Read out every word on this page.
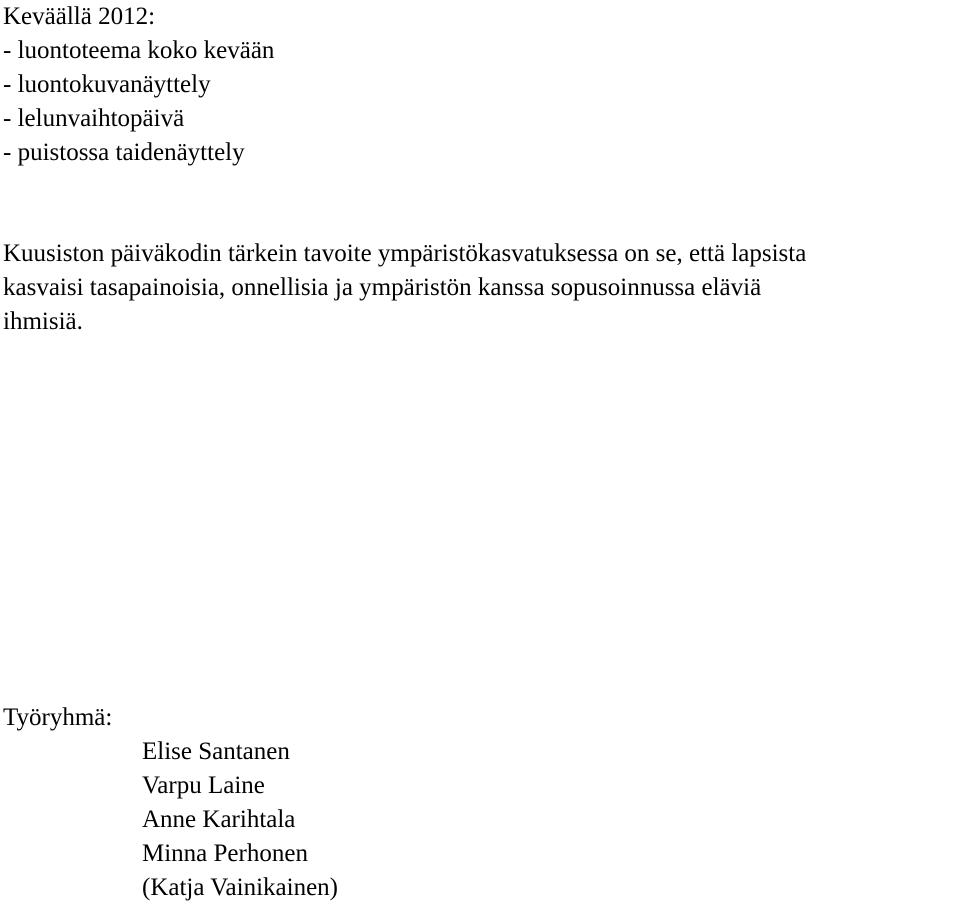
Keväällä 2012:
- luontoteema koko kevään
- luontokuvanäyttely
- lelunvaihtopäivä
- puistossa taidenäyttely
Kuusiston päiväkodin tärkein tavoite ympäristökasvatuksessa on se, että lapsista
kasvaisi tasapainoisia, onnellisia ja ympäristön kanssa sopusoinnussa eläviä
ihmisiä.
Työryhmä:
Elise Santanen
Varpu Laine
Anne Karihtala
Minna Perhonen
(Katja Vainikainen)
